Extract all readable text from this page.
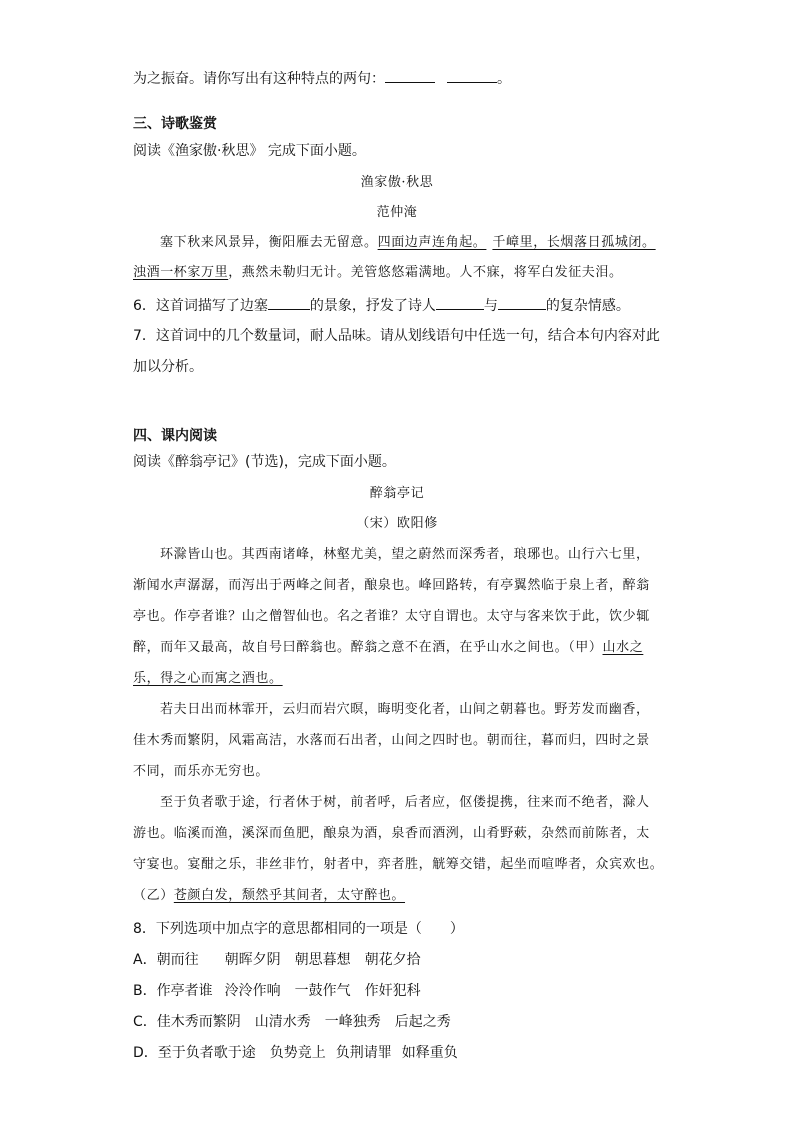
为之振奋。请你写出有这种特点的两句：	。
三、诗歌鉴赏
阅读《渔家傲·秋思》 完成下面小题。
渔家傲·秋思
范仲淹
塞下秋来风景异，衡阳雁去无留意。四面边声连角起。 千嶂里，长烟落日孤城闭。
浊酒一杯家万里，燕然未勒归无计。羌管悠悠霜满地。人不寐，将军白发征夫泪。
6．这首词描写了边塞	的景象，抒发了诗人	与	的复杂情感。
7．这首词中的几个数量词，耐人品味。请从划线语句中任选一句，结合本句内容对此
加以分析。
四、课内阅读
阅读《醉翁亭记》(节选)，完成下面小题。
醉翁亭记
（宋）欧阳修
环滁皆山也。其西南诸峰，林壑尤美，望之蔚然而深秀者，琅琊也。山行六七里，
渐闻水声潺潺，而泻出于两峰之间者，酿泉也。峰回路转，有亭翼然临于泉上者，醉翁
亭也。作亭者谁？山之僧智仙也。名之者谁？太守自谓也。太守与客来饮于此，饮少辄
醉，而年又最高，故自号曰醉翁也。醉翁之意不在酒，在乎山水之间也。（甲）山水之
乐，得之心而寓之酒也。
若夫日出而林霏开，云归而岩穴暝，晦明变化者，山间之朝暮也。野芳发而幽香，
佳木秀而繁阴，风霜高洁，水落而石出者，山间之四时也。朝而往，暮而归，四时之景
不同，而乐亦无穷也。
至于负者歌于途，行者休于树，前者呼，后者应，伛偻提携，往来而不绝者，滁人
游也。临溪而渔，溪深而鱼肥，酿泉为酒，泉香而酒洌，山肴野蔌，杂然而前陈者，太
守宴也。宴酣之乐，非丝非竹，射者中，弈者胜，觥筹交错，起坐而喧哗者，众宾欢也。
（乙）苍颜白发，颓然乎其间者，太守醉也。
8．下列选项中加点字的意思都相同的一项是（　　）
A．朝而往 朝晖夕阴 朝思暮想 朝花夕拾
B．作亭者谁 泠泠作响 一鼓作气 作奸犯科
C．佳木秀而繁阴 山清水秀 一峰独秀 后起之秀
D．至于负者歌于途 负势竞上 负荆请罪 如释重负
